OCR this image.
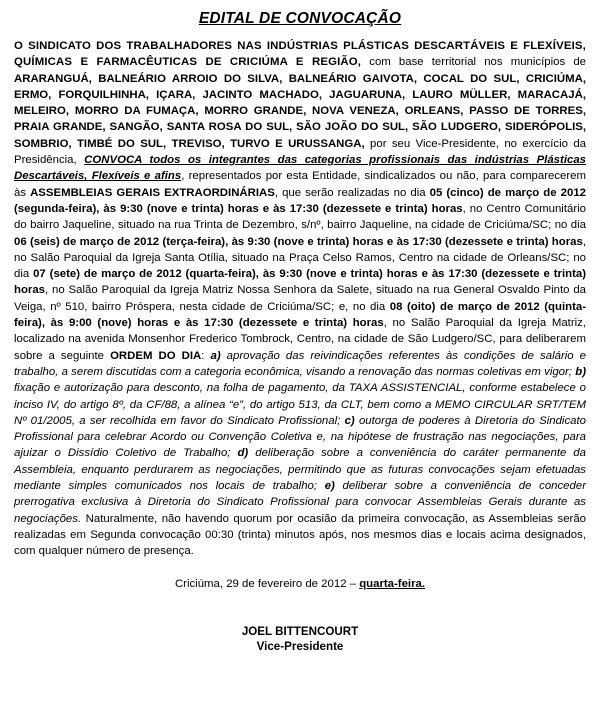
EDITAL DE CONVOCAÇÃO
O SINDICATO DOS TRABALHADORES NAS INDÚSTRIAS PLÁSTICAS DESCARTÁVEIS E FLEXÍVEIS, QUÍMICAS E FARMACÊUTICAS DE CRICIÚMA E REGIÃO, com base territorial nos municípios de ARARANGUÁ, BALNEÁRIO ARROIO DO SILVA, BALNEÁRIO GAIVOTA, COCAL DO SUL, CRICIÚMA, ERMO, FORQUILHINHA, IÇARA, JACINTO MACHADO, JAGUARUNA, LAURO MÜLLER, MARACAJÁ, MELEIRO, MORRO DA FUMAÇA, MORRO GRANDE, NOVA VENEZA, ORLEANS, PASSO DE TORRES, PRAIA GRANDE, SANGÃO, SANTA ROSA DO SUL, SÃO JOÃO DO SUL, SÃO LUDGERO, SIDERÓPOLIS, SOMBRIO, TIMBÉ DO SUL, TREVISO, TURVO E URUSSANGA, por seu Vice-Presidente, no exercício da Presidência, CONVOCA todos os integrantes das categorias profissionais das indústrias Plásticas Descartáveis, Flexíveis e afins, representados por esta Entidade, sindicalizados ou não, para comparecerem às ASSEMBLEIAS GERAIS EXTRAORDINÁRIAS, que serão realizadas no dia 05 (cinco) de março de 2012 (segunda-feira), às 9:30 (nove e trinta) horas e às 17:30 (dezessete e trinta) horas, no Centro Comunitário do bairro Jaqueline, situado na rua Trinta de Dezembro, s/nº, bairro Jaqueline, na cidade de Criciúma/SC; no dia 06 (seis) de março de 2012 (terça-feira), às 9:30 (nove e trinta) horas e às 17:30 (dezessete e trinta) horas, no Salão Paroquial da Igreja Santa Otília, situado na Praça Celso Ramos, Centro na cidade de Orleans/SC; no dia 07 (sete) de março de 2012 (quarta-feira), às 9:30 (nove e trinta) horas e às 17:30 (dezessete e trinta) horas, no Salão Paroquial da Igreja Matriz Nossa Senhora da Salete, situado na rua General Osvaldo Pinto da Veiga, nº 510, bairro Próspera, nesta cidade de Criciúma/SC; e, no dia 08 (oito) de março de 2012 (quinta-feira), às 9:00 (nove) horas e às 17:30 (dezessete e trinta) horas, no Salão Paroquial da Igreja Matriz, localizado na avenida Monsenhor Frederico Tombrock, Centro, na cidade de São Ludgero/SC, para deliberarem sobre a seguinte ORDEM DO DIA: a) aprovação das reivindicações referentes às condições de salário e trabalho, a serem discutidas com a categoria econômica, visando a renovação das normas coletivas em vigor; b) fixação e autorização para desconto, na folha de pagamento, da TAXA ASSISTENCIAL, conforme estabelece o inciso IV, do artigo 8º, da CF/88, a alínea “e”, do artigo 513, da CLT, bem como a MEMO CIRCULAR SRT/TEM Nº 01/2005, a ser recolhida em favor do Sindicato Profissional; c) outorga de poderes à Diretoria do Sindicato Profissional para celebrar Acordo ou Convenção Coletiva e, na hipótese de frustração nas negociações, para ajuizar o Dissídio Coletivo de Trabalho; d) deliberação sobre a conveniência do caráter permanente da Assembleia, enquanto perdurarem as negociações, permitindo que as futuras convocações sejam efetuadas mediante simples comunicados nos locais de trabalho; e) deliberar sobre a conveniência de conceder prerrogativa exclusiva à Diretoria do Sindicato Profissional para convocar Assembleias Gerais durante as negociações. Naturalmente, não havendo quorum por ocasião da primeira convocação, as Assembleias serão realizadas em Segunda convocação 00:30 (trinta) minutos após, nos mesmos dias e locais acima designados, com qualquer número de presença.
Criciúma, 29 de fevereiro de 2012 – quarta-feira.
JOEL BITTENCOURT
Vice-Presidente
